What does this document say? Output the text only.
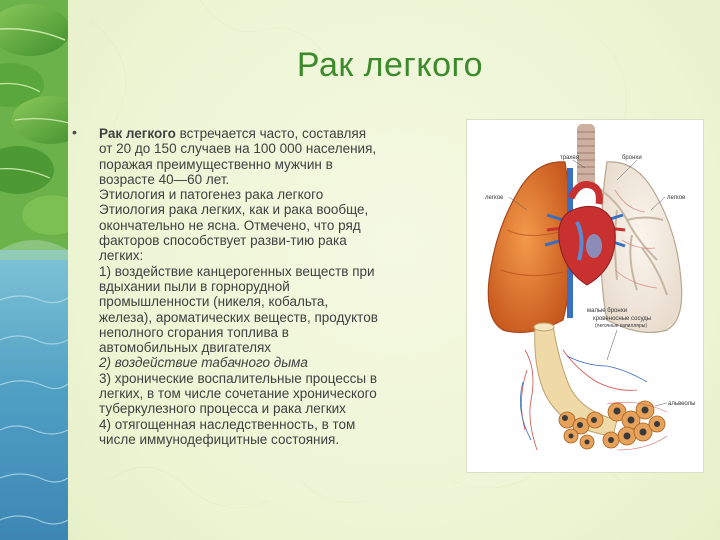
Рак легкого
• Рак легкого встречается часто, составляя
от 20 до 150 случаев на 100 000 населения,
поражая преимущественно мужчин в
возрасте 40—60 лет.
Этиология и патогенез рака легкого
Этиология рака легких, как и рака вообще,
окончательно не ясна. Отмечено, что ряд
факторов способствует разви-тию рака
легких:
1) воздействие канцерогенных веществ при
вдыхании пыли в горнорудной
промышленности (никеля, кобальта,
железа), ароматических веществ, продуктов
неполного сгорания топлива в
автомобильных двигателях
2) воздействие табачного дыма
3) хронические воспалительные процессы в
легких, в том числе сочетание хронического
туберкулезного процесса и рака легких
4) отягощенная наследственность, в том
числе иммунодефицитные состояния.
трахея	бронхи
легкое	легкое
малые бронхи
кровеносные сосуды
(легочные капилляры)
альвеолы
